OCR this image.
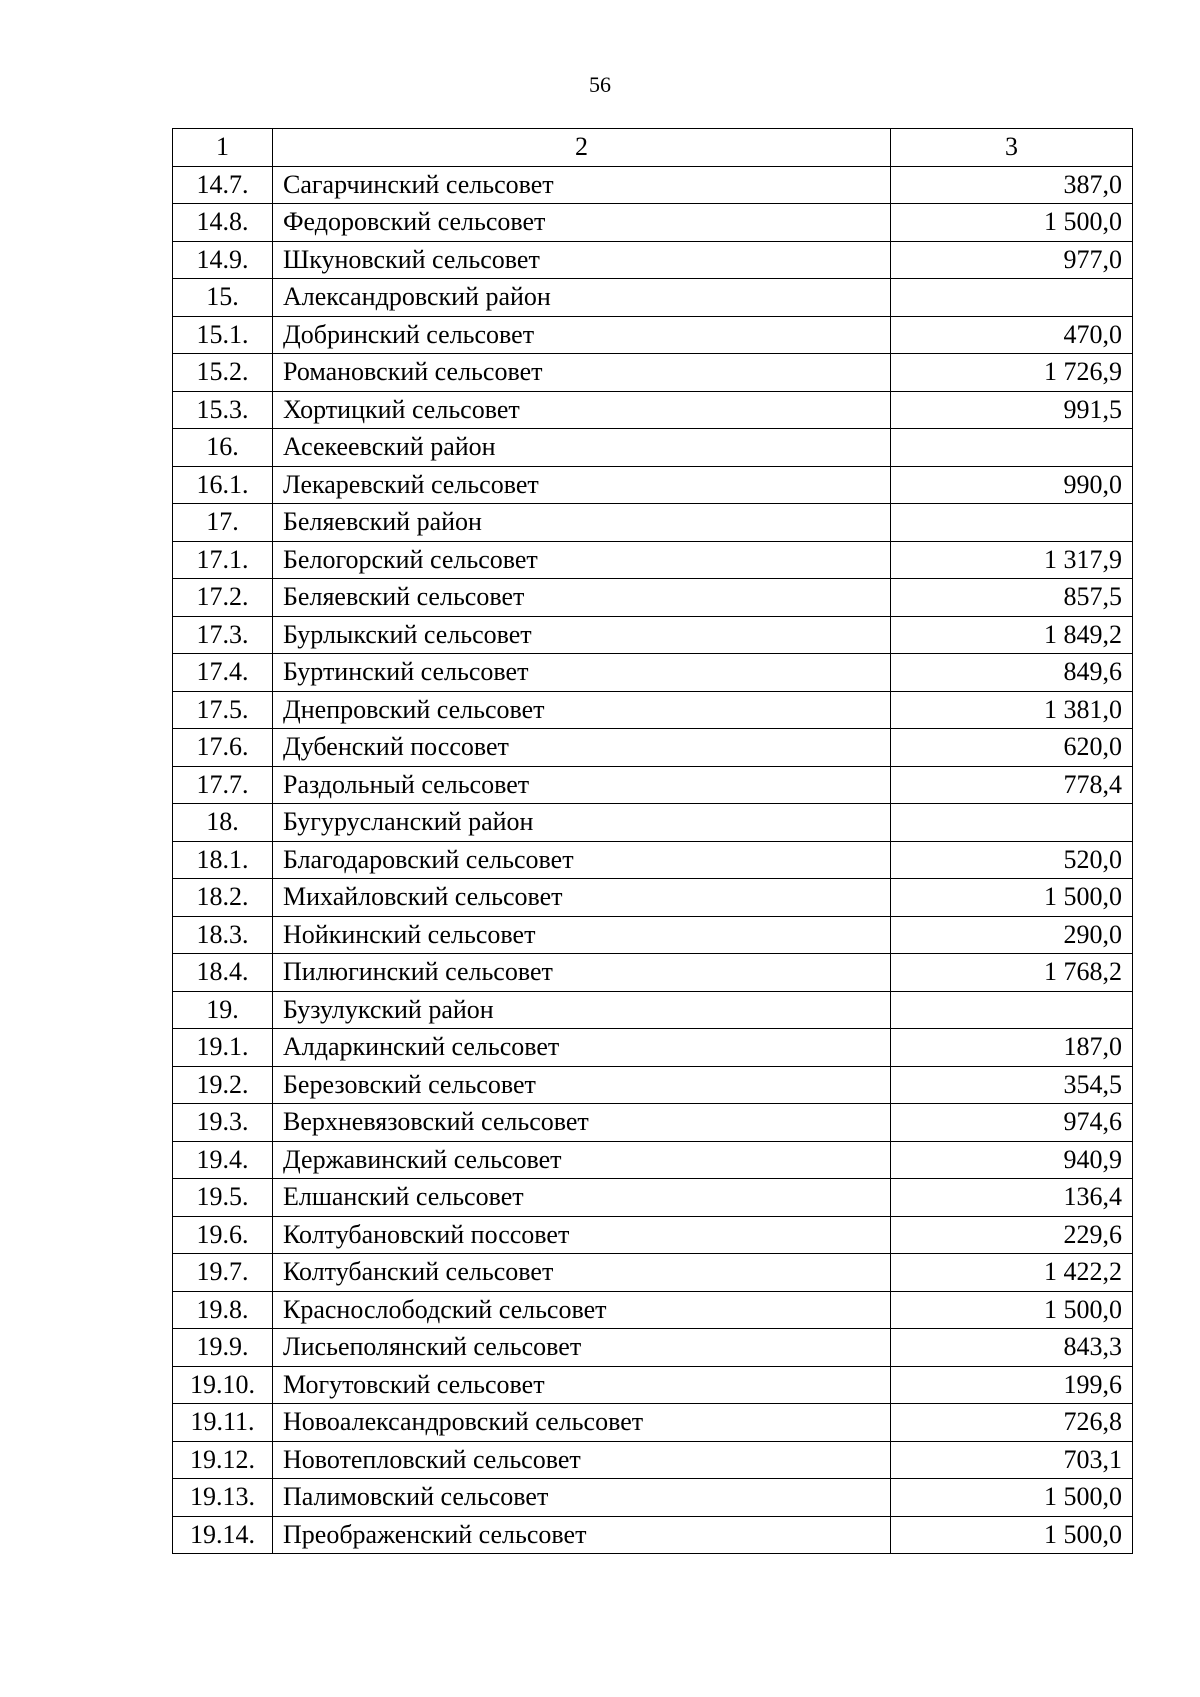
56
1	2	3
14.7.	Сагарчинский сельсовет	387,0
14.8.	Федоровский сельсовет	1 500,0
14.9.	Шкуновский сельсовет	977,0
15.	Александровский район	
15.1.	Добринский сельсовет	470,0
15.2.	Романовский сельсовет	1 726,9
15.3.	Хортицкий сельсовет	991,5
16.	Асекеевский район	
16.1.	Лекаревский сельсовет	990,0
17.	Беляевский район	
17.1.	Белогорский сельсовет	1 317,9
17.2.	Беляевский сельсовет	857,5
17.3.	Бурлыкский сельсовет	1 849,2
17.4.	Буртинский сельсовет	849,6
17.5.	Днепровский сельсовет	1 381,0
17.6.	Дубенский поссовет	620,0
17.7.	Раздольный сельсовет	778,4
18.	Бугурусланский район	
18.1.	Благодаровский сельсовет	520,0
18.2.	Михайловский сельсовет	1 500,0
18.3.	Нойкинский сельсовет	290,0
18.4.	Пилюгинский сельсовет	1 768,2
19.	Бузулукский район	
19.1.	Алдаркинский сельсовет	187,0
19.2.	Березовский сельсовет	354,5
19.3.	Верхневязовский сельсовет	974,6
19.4.	Державинский сельсовет	940,9
19.5.	Елшанский сельсовет	136,4
19.6.	Колтубановский поссовет	229,6
19.7.	Колтубанский сельсовет	1 422,2
19.8.	Краснослободский сельсовет	1 500,0
19.9.	Лисьеполянский сельсовет	843,3
19.10.	Могутовский сельсовет	199,6
19.11.	Новоалександровский сельсовет	726,8
19.12.	Новотепловский сельсовет	703,1
19.13.	Палимовский сельсовет	1 500,0
19.14.	Преображенский сельсовет	1 500,0
